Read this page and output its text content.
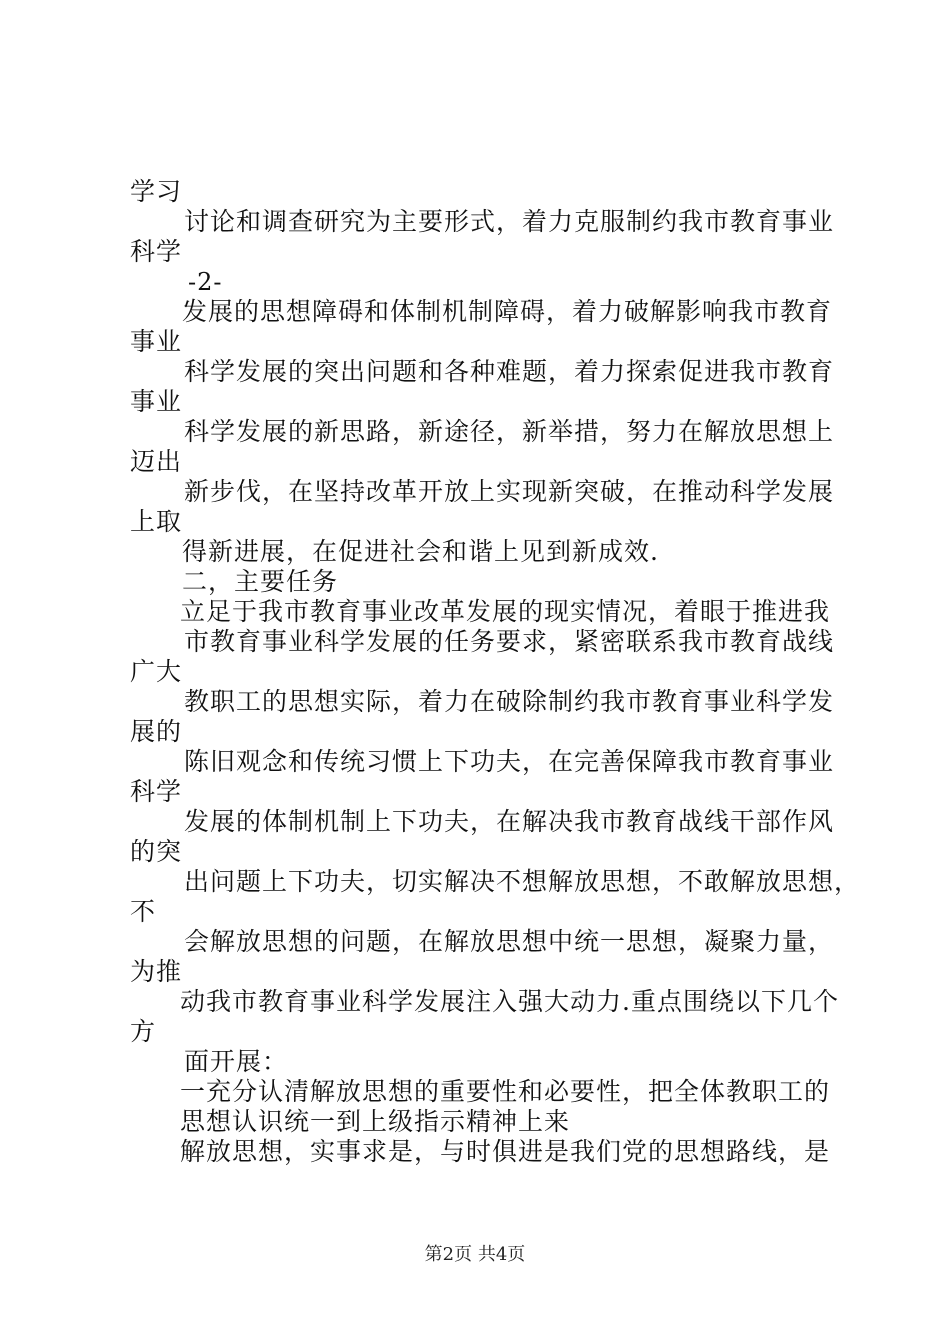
学习
讨论和调查研究为主要形式，着力克服制约我市教育事业
科学
-2-
发展的思想障碍和体制机制障碍，着力破解影响我市教育
事业
科学发展的突出问题和各种难题，着力探索促进我市教育
事业
科学发展的新思路，新途径，新举措，努力在解放思想上
迈出
新步伐，在坚持改革开放上实现新突破，在推动科学发展
上取
得新进展，在促进社会和谐上见到新成效.
二，主要任务
立足于我市教育事业改革发展的现实情况，着眼于推进我
市教育事业科学发展的任务要求，紧密联系我市教育战线
广大
教职工的思想实际，着力在破除制约我市教育事业科学发
展的
陈旧观念和传统习惯上下功夫，在完善保障我市教育事业
科学
发展的体制机制上下功夫，在解决我市教育战线干部作风
的突
出问题上下功夫，切实解决不想解放思想，不敢解放思想，
不
会解放思想的问题，在解放思想中统一思想，凝聚力量，
为推
动我市教育事业科学发展注入强大动力.重点围绕以下几个
方
面开展：
一充分认清解放思想的重要性和必要性，把全体教职工的
思想认识统一到上级指示精神上来
解放思想，实事求是，与时俱进是我们党的思想路线，是
第2页 共4页
